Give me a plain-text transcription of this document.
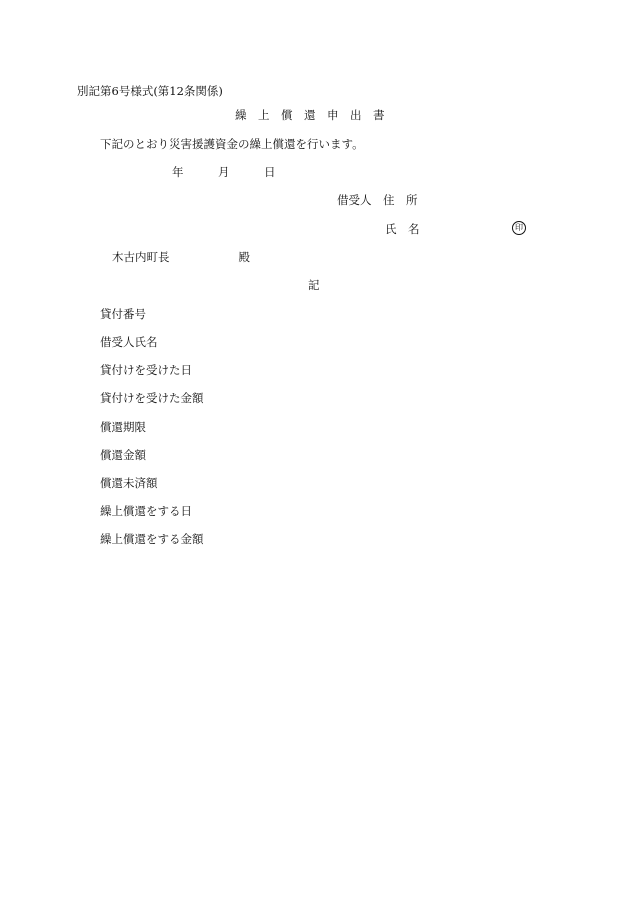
別記第6号様式(第12条関係)
繰　上　償　還　申　出　書
下記のとおり災害援護資金の繰上償還を行います。
年　　　月　　　日
借受人　住　所
氏　名	印
木古内町長　　　　　　殿
記
貸付番号
借受人氏名
貸付けを受けた日
貸付けを受けた金額
償還期限
償還金額
償還未済額
繰上償還をする日
繰上償還をする金額
